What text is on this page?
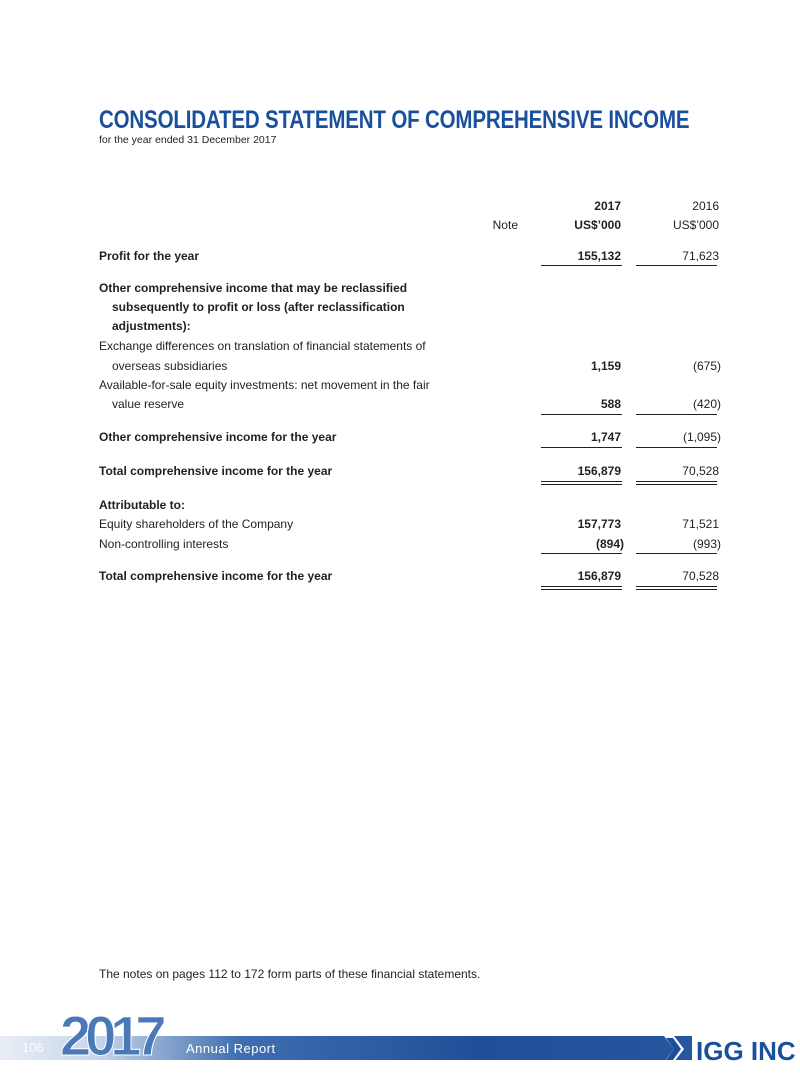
CONSOLIDATED STATEMENT OF COMPREHENSIVE INCOME
for the year ended 31 December 2017
2017	2016
Note	US$’000	US$’000
Profit for the year	155,132	71,623
Other comprehensive income that may be reclassified
subsequently to profit or loss (after reclassification
adjustments):
Exchange differences on translation of financial statements of
overseas subsidiaries	1,159	(675)
Available-for-sale equity investments: net movement in the fair
value reserve	588	(420)
Other comprehensive income for the year	1,747	(1,095)
Total comprehensive income for the year	156,879	70,528
Attributable to:
Equity shareholders of the Company	157,773	71,521
Non-controlling interests	(894)	(993)
Total comprehensive income for the year	156,879	70,528
The notes on pages 112 to 172 form parts of these financial statements.
106 2017 Annual Report	IGG INC
